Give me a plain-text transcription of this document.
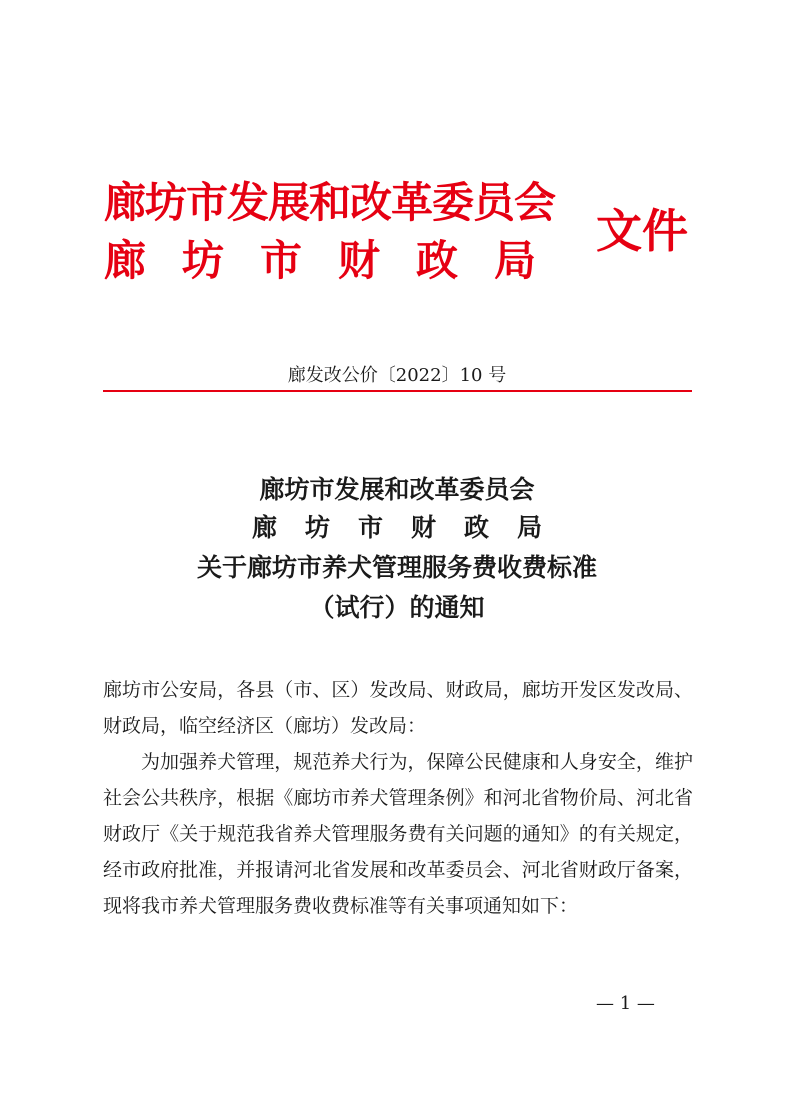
廊坊市发展和改革委员会
廊坊市财政局
文件
廊发改公价〔2022〕10 号
廊坊市发展和改革委员会
廊坊市财政局
关于廊坊市养犬管理服务费收费标准
（试行）的通知
廊坊市公安局，各县（市、区）发改局、财政局，廊坊开发区发改局、财政局，临空经济区（廊坊）发改局：
为加强养犬管理，规范养犬行为，保障公民健康和人身安全，维护社会公共秩序，根据《廊坊市养犬管理条例》和河北省物价局、河北省财政厅《关于规范我省养犬管理服务费有关问题的通知》的有关规定，经市政府批准，并报请河北省发展和改革委员会、河北省财政厅备案，现将我市养犬管理服务费收费标准等有关事项通知如下：
— 1 —
